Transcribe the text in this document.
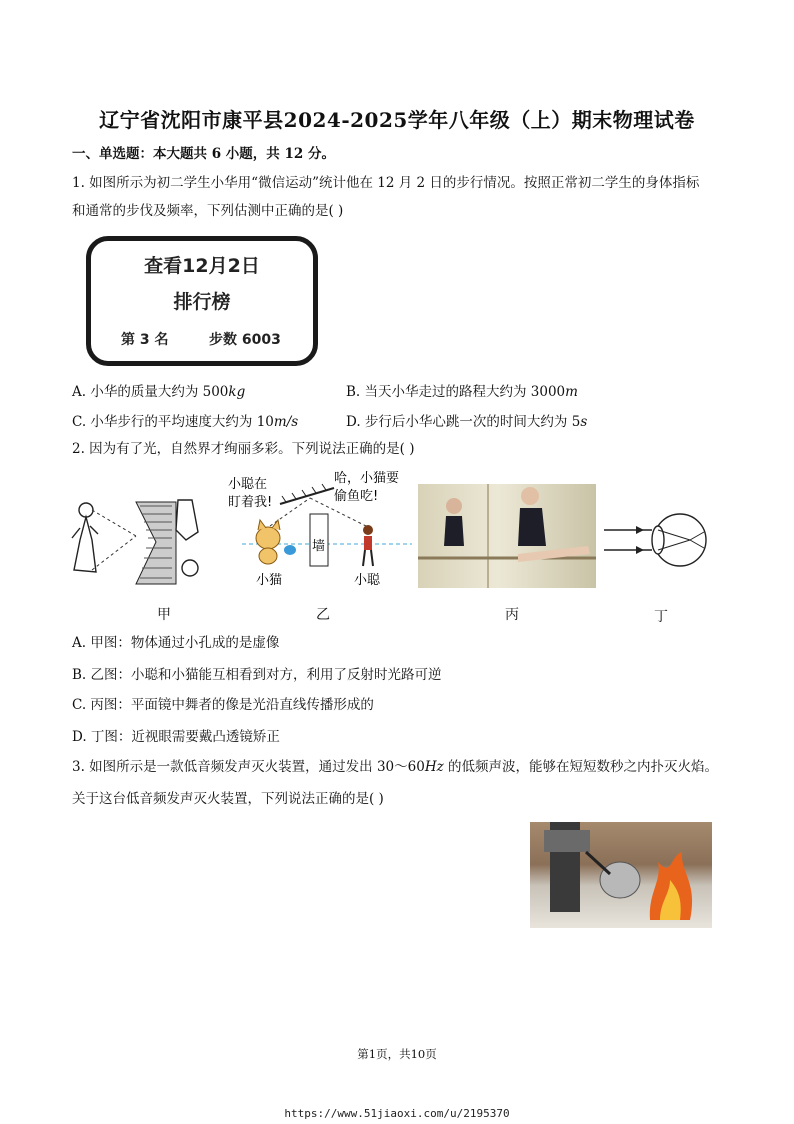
辽宁省沈阳市康平县2024-2025学年八年级（上）期末物理试卷
一、单选题：本大题共 6 小题，共 12 分。
1. 如图所示为初二学生小华用“微信运动”统计他在 12 月 2 日的步行情况。按照正常初二学生的身体指标
和通常的步伐及频率，下列估测中正确的是( )
查看12月2日
排行榜
第 3 名	步数 6003
A. 小华的质量大约为 500kg	B. 当天小华走过的路程大约为 3000m
C. 小华步行的平均速度大约为 10m/s	D. 步行后小华心跳一次的时间大约为 5s
2. 因为有了光，自然界才绚丽多彩。下列说法正确的是( )
甲
小聪在
盯着我!
哈，小猫要
偷鱼吃!
墙
小猫	小聪
乙	丙	丁
A. 甲图：物体通过小孔成的是虚像
B. 乙图：小聪和小猫能互相看到对方，利用了反射时光路可逆
C. 丙图：平面镜中舞者的像是光沿直线传播形成的
D. 丁图：近视眼需要戴凸透镜矫正
3. 如图所示是一款低音频发声灭火装置，通过发出 30～60Hz 的低频声波，能够在短短数秒之内扑灭火焰。
关于这台低音频发声灭火装置，下列说法正确的是( )
第1页，共10页
https://www.51jiaoxi.com/u/2195370
